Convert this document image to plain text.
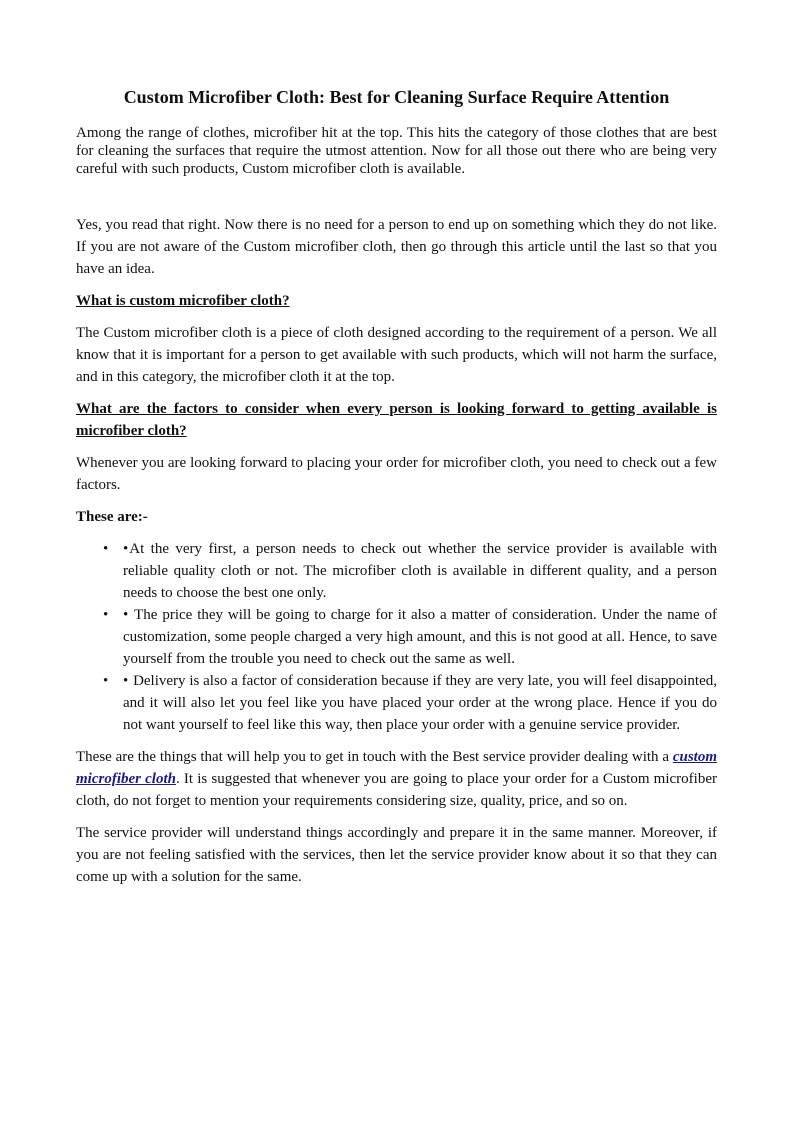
Custom Microfiber Cloth: Best for Cleaning Surface Require Attention

Among the range of clothes, microfiber hit at the top. This hits the category of those clothes that are best for cleaning the surfaces that require the utmost attention. Now for all those out there who are being very careful with such products, Custom microfiber cloth is available.

Yes, you read that right. Now there is no need for a person to end up on something which they do not like. If you are not aware of the Custom microfiber cloth, then go through this article until the last so that you have an idea.

What is custom microfiber cloth?

The Custom microfiber cloth is a piece of cloth designed according to the requirement of a person. We all know that it is important for a person to get available with such products, which will not harm the surface, and in this category, the microfiber cloth it at the top.

What are the factors to consider when every person is looking forward to getting available is microfiber cloth?

Whenever you are looking forward to placing your order for microfiber cloth, you need to check out a few factors.

These are:-

• •At the very first, a person needs to check out whether the service provider is available with reliable quality cloth or not. The microfiber cloth is available in different quality, and a person needs to choose the best one only.
• • The price they will be going to charge for it also a matter of consideration. Under the name of customization, some people charged a very high amount, and this is not good at all. Hence, to save yourself from the trouble you need to check out the same as well.
• • Delivery is also a factor of consideration because if they are very late, you will feel disappointed, and it will also let you feel like you have placed your order at the wrong place. Hence if you do not want yourself to feel like this way, then place your order with a genuine service provider.

These are the things that will help you to get in touch with the Best service provider dealing with a custom microfiber cloth. It is suggested that whenever you are going to place your order for a Custom microfiber cloth, do not forget to mention your requirements considering size, quality, price, and so on.

The service provider will understand things accordingly and prepare it in the same manner. Moreover, if you are not feeling satisfied with the services, then let the service provider know about it so that they can come up with a solution for the same.
